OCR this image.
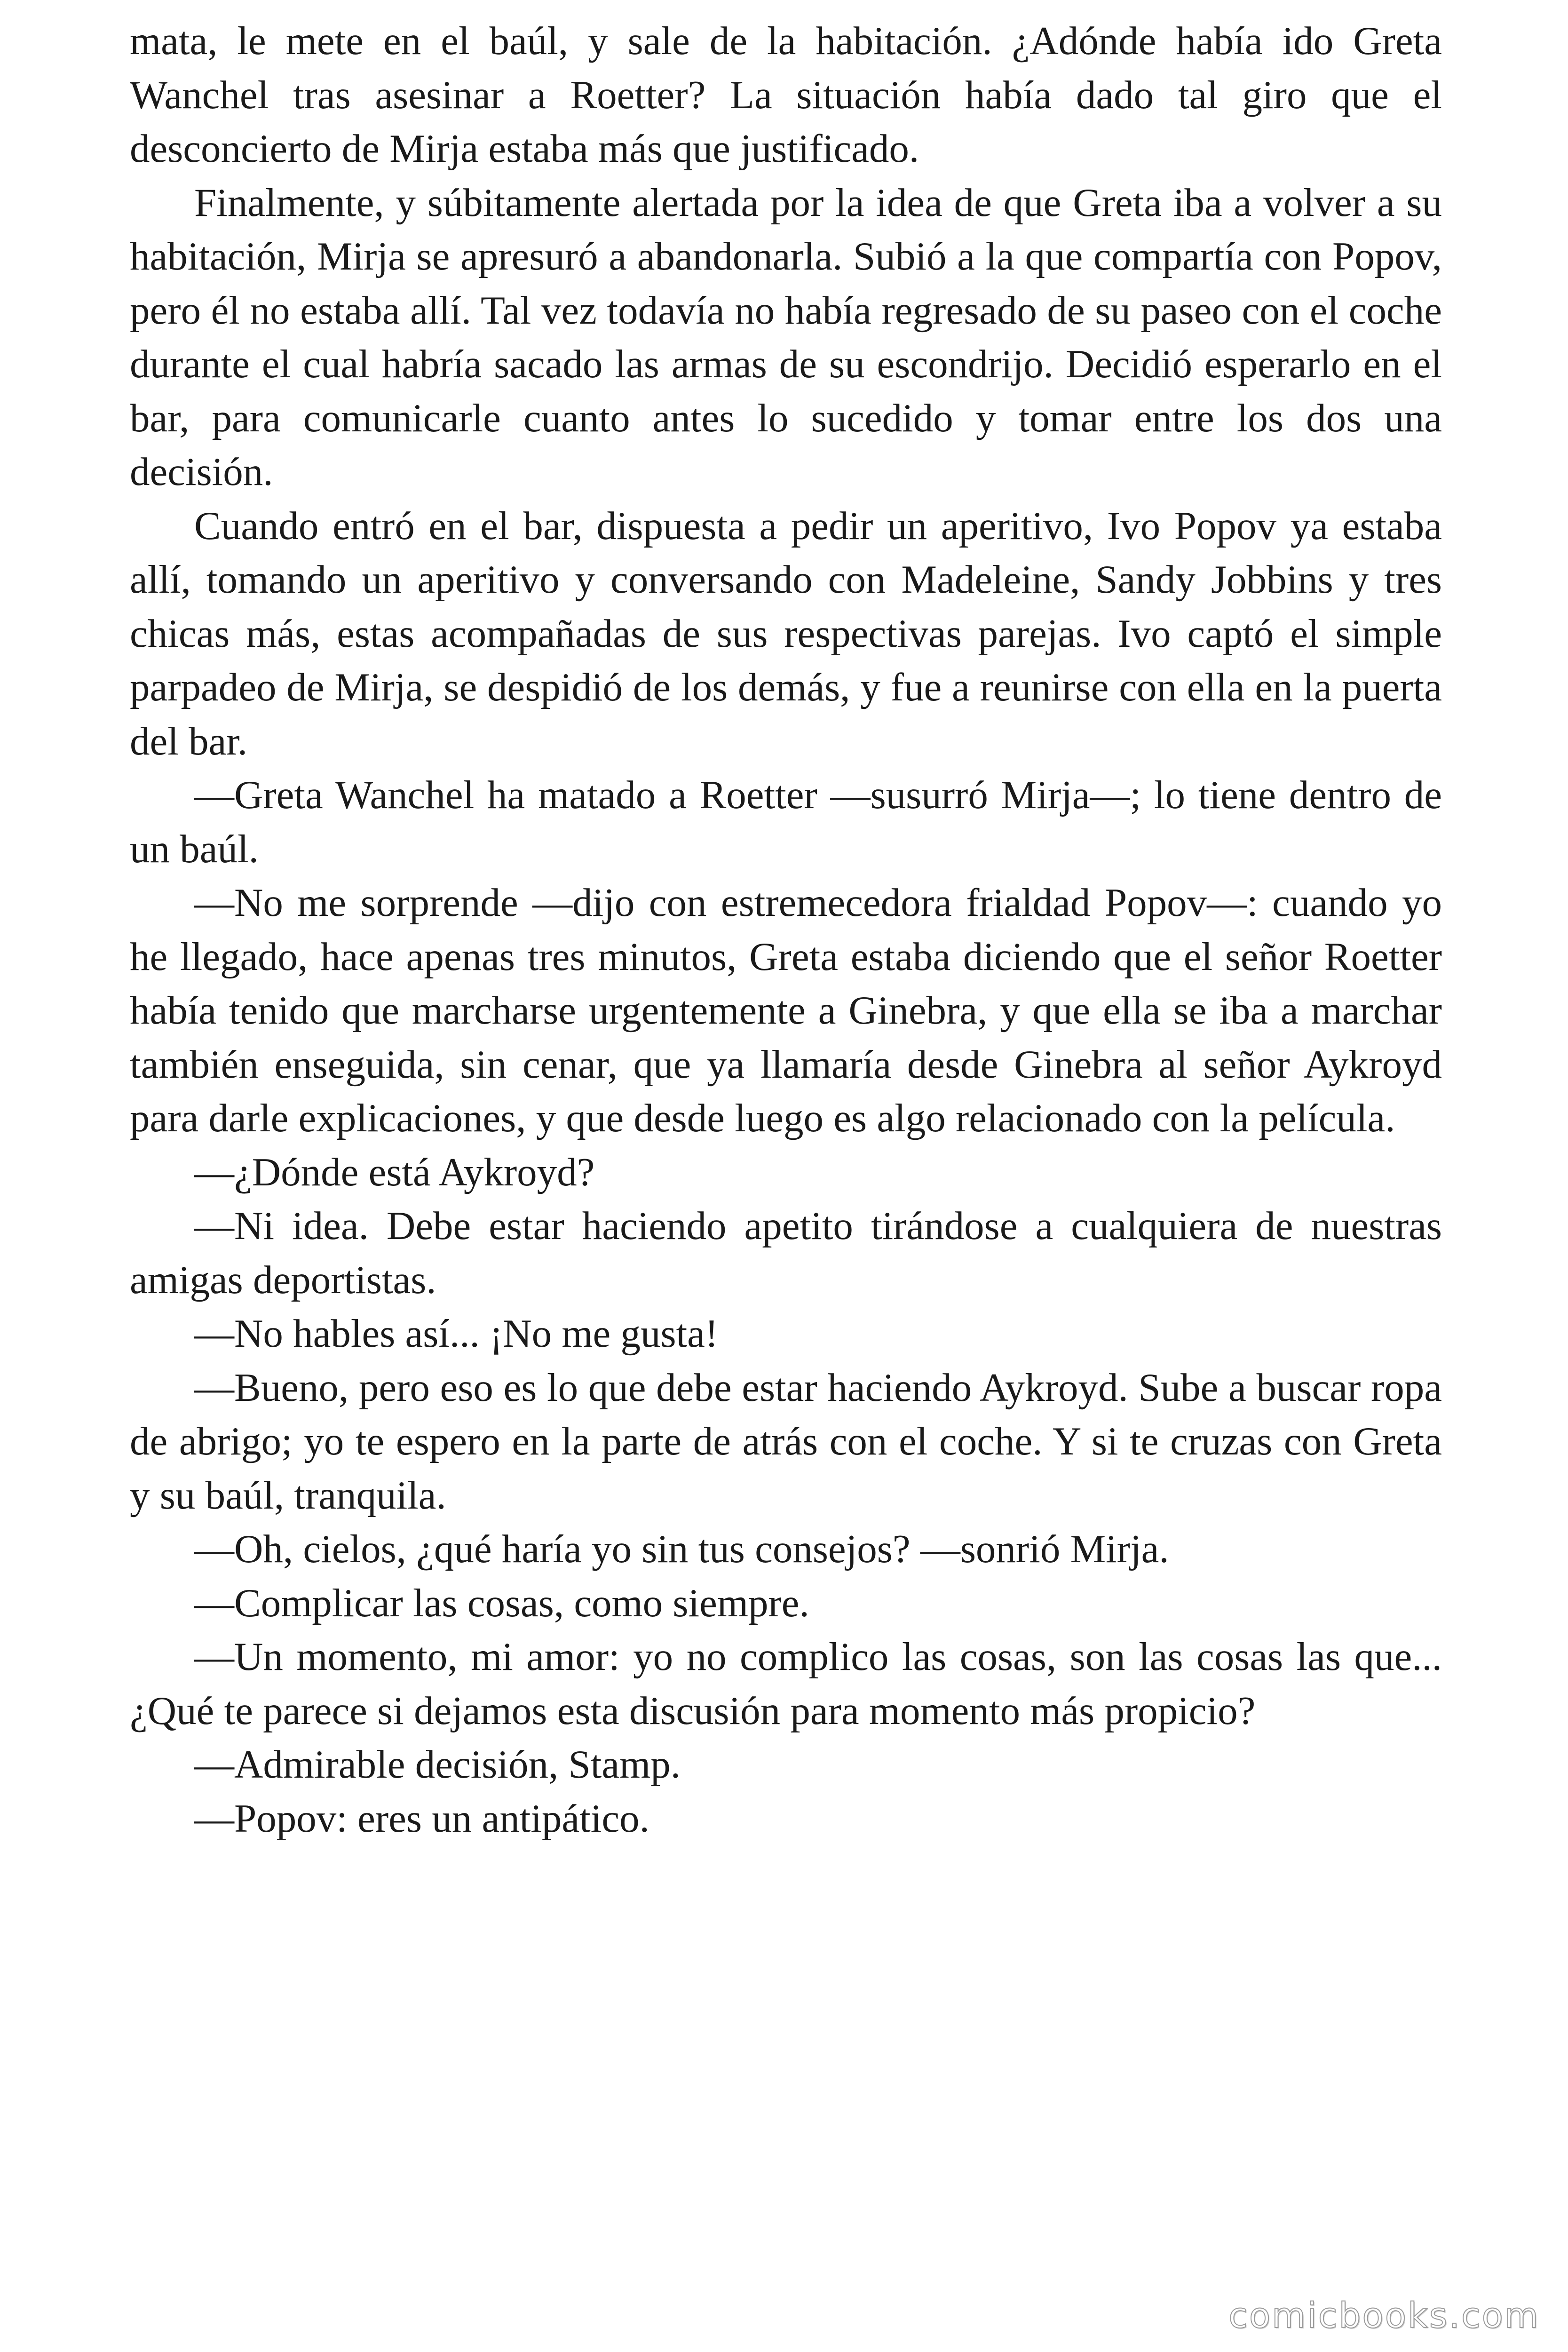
mata, le mete en el baúl, y sale de la habitación. ¿Adónde había ido Greta Wanchel tras asesinar a Roetter? La situación había dado tal giro que el desconcierto de Mirja estaba más que justificado.

Finalmente, y súbitamente alertada por la idea de que Greta iba a volver a su habitación, Mirja se apresuró a abandonarla. Subió a la que compartía con Popov, pero él no estaba allí. Tal vez todavía no había regresado de su paseo con el coche durante el cual habría sacado las armas de su escondrijo. Decidió esperarlo en el bar, para comunicarle cuanto antes lo sucedido y tomar entre los dos una decisión.

Cuando entró en el bar, dispuesta a pedir un aperitivo, Ivo Popov ya estaba allí, tomando un aperitivo y conversando con Madeleine, Sandy Jobbins y tres chicas más, estas acompañadas de sus respectivas parejas. Ivo captó el simple parpadeo de Mirja, se despidió de los demás, y fue a reunirse con ella en la puerta del bar.

—Greta Wanchel ha matado a Roetter —susurró Mirja—; lo tiene dentro de un baúl.

—No me sorprende —dijo con estremecedora frialdad Popov—: cuando yo he llegado, hace apenas tres minutos, Greta estaba diciendo que el señor Roetter había tenido que marcharse urgentemente a Ginebra, y que ella se iba a marchar también enseguida, sin cenar, que ya llamaría desde Ginebra al señor Aykroyd para darle explicaciones, y que desde luego es algo relacionado con la película.

—¿Dónde está Aykroyd?

—Ni idea. Debe estar haciendo apetito tirándose a cualquiera de nuestras amigas deportistas.

—No hables así... ¡No me gusta!

—Bueno, pero eso es lo que debe estar haciendo Aykroyd. Sube a buscar ropa de abrigo; yo te espero en la parte de atrás con el coche. Y si te cruzas con Greta y su baúl, tranquila.

—Oh, cielos, ¿qué haría yo sin tus consejos? —sonrió Mirja.

—Complicar las cosas, como siempre.

—Un momento, mi amor: yo no complico las cosas, son las cosas las que... ¿Qué te parece si dejamos esta discusión para momento más propicio?

—Admirable decisión, Stamp.

—Popov: eres un antipático.

comicbooks.com
